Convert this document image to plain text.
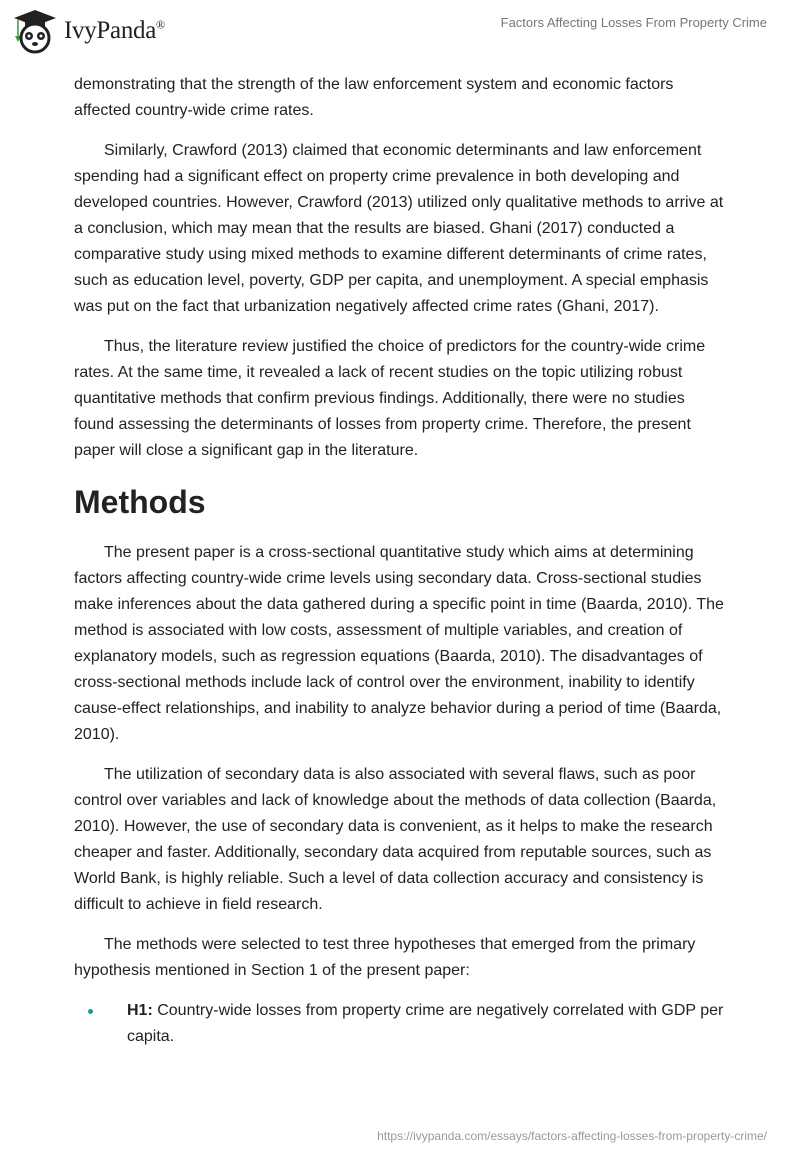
IvyPanda®	Factors Affecting Losses From Property Crime

demonstrating that the strength of the law enforcement system and economic factors affected country-wide crime rates.

Similarly, Crawford (2013) claimed that economic determinants and law enforcement spending had a significant effect on property crime prevalence in both developing and developed countries. However, Crawford (2013) utilized only qualitative methods to arrive at a conclusion, which may mean that the results are biased. Ghani (2017) conducted a comparative study using mixed methods to examine different determinants of crime rates, such as education level, poverty, GDP per capita, and unemployment. A special emphasis was put on the fact that urbanization negatively affected crime rates (Ghani, 2017).

Thus, the literature review justified the choice of predictors for the country-wide crime rates. At the same time, it revealed a lack of recent studies on the topic utilizing robust quantitative methods that confirm previous findings. Additionally, there were no studies found assessing the determinants of losses from property crime. Therefore, the present paper will close a significant gap in the literature.

Methods

The present paper is a cross-sectional quantitative study which aims at determining factors affecting country-wide crime levels using secondary data. Cross-sectional studies make inferences about the data gathered during a specific point in time (Baarda, 2010). The method is associated with low costs, assessment of multiple variables, and creation of explanatory models, such as regression equations (Baarda, 2010). The disadvantages of cross-sectional methods include lack of control over the environment, inability to identify cause-effect relationships, and inability to analyze behavior during a period of time (Baarda, 2010).

The utilization of secondary data is also associated with several flaws, such as poor control over variables and lack of knowledge about the methods of data collection (Baarda, 2010). However, the use of secondary data is convenient, as it helps to make the research cheaper and faster. Additionally, secondary data acquired from reputable sources, such as World Bank, is highly reliable. Such a level of data collection accuracy and consistency is difficult to achieve in field research.

The methods were selected to test three hypotheses that emerged from the primary hypothesis mentioned in Section 1 of the present paper:

H1: Country-wide losses from property crime are negatively correlated with GDP per capita.
https://ivypanda.com/essays/factors-affecting-losses-from-property-crime/
